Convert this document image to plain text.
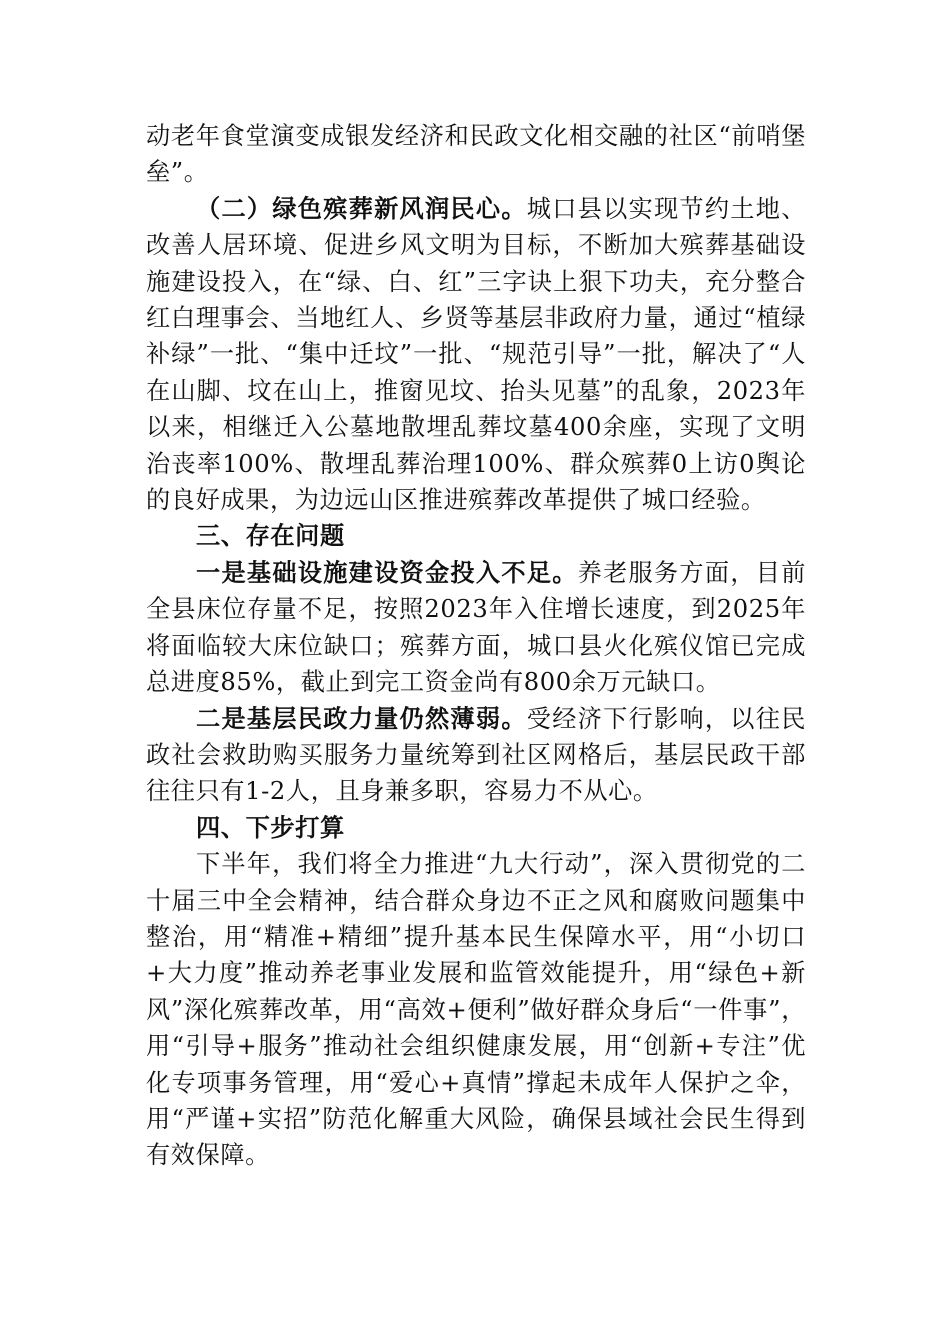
动老年食堂演变成银发经济和民政文化相交融的社区“前哨堡垒”。

（二）绿色殡葬新风润民心。城口县以实现节约土地、改善人居环境、促进乡风文明为目标，不断加大殡葬基础设施建设投入，在“绿、白、红”三字诀上狠下功夫，充分整合红白理事会、当地红人、乡贤等基层非政府力量，通过“植绿补绿”一批、“集中迁坟”一批、“规范引导”一批，解决了“人在山脚、坟在山上，推窗见坟、抬头见墓”的乱象，2023年以来，相继迁入公墓地散埋乱葬坟墓400余座，实现了文明治丧率100%、散埋乱葬治理100%、群众殡葬0上访0舆论的良好成果，为边远山区推进殡葬改革提供了城口经验。

三、存在问题

一是基础设施建设资金投入不足。养老服务方面，目前全县床位存量不足，按照2023年入住增长速度，到2025年将面临较大床位缺口；殡葬方面，城口县火化殡仪馆已完成总进度85%，截止到完工资金尚有800余万元缺口。

二是基层民政力量仍然薄弱。受经济下行影响，以往民政社会救助购买服务力量统筹到社区网格后，基层民政干部往往只有1-2人，且身兼多职，容易力不从心。

四、下步打算

下半年，我们将全力推进“九大行动”，深入贯彻党的二十届三中全会精神，结合群众身边不正之风和腐败问题集中整治，用“精准+精细”提升基本民生保障水平，用“小切口+大力度”推动养老事业发展和监管效能提升，用“绿色+新风”深化殡葬改革，用“高效+便利”做好群众身后“一件事”，用“引导+服务”推动社会组织健康发展，用“创新+专注”优化专项事务管理，用“爱心+真情”撑起未成年人保护之伞，用“严谨+实招”防范化解重大风险，确保县域社会民生得到有效保障。
